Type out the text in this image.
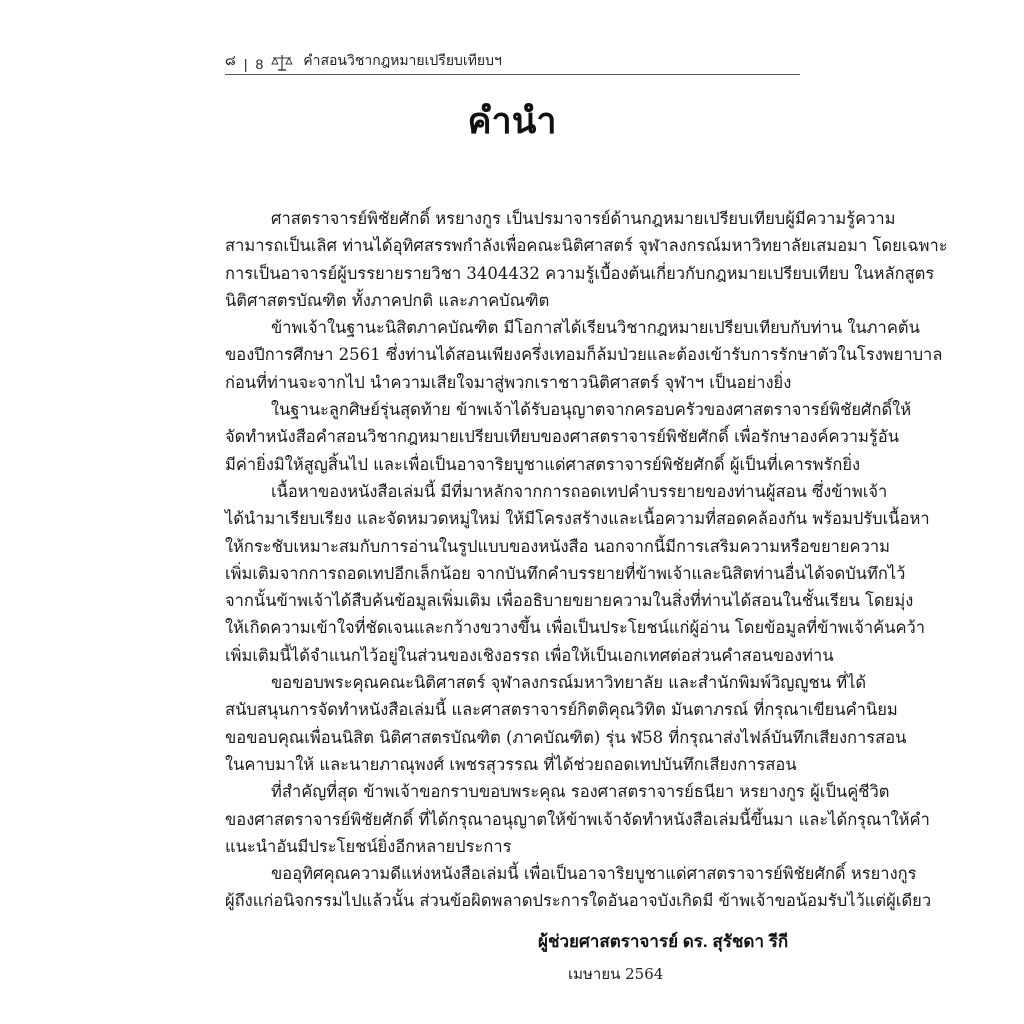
๘ | 8	คำสอนวิชากฎหมายเปรียบเทียบฯ
คำนำ
ศาสตราจารย์พิชัยศักดิ์ หรยางกูร เป็นปรมาจารย์ด้านกฎหมายเปรียบเทียบผู้มีความรู้ความ
สามารถเป็นเลิศ ท่านได้อุทิศสรรพกำลังเพื่อคณะนิติศาสตร์ จุฬาลงกรณ์มหาวิทยาลัยเสมอมา โดยเฉพาะ
การเป็นอาจารย์ผู้บรรยายรายวิชา 3404432 ความรู้เบื้องต้นเกี่ยวกับกฎหมายเปรียบเทียบ ในหลักสูตร
นิติศาสตรบัณฑิต ทั้งภาคปกติ และภาคบัณฑิต
ข้าพเจ้าในฐานะนิสิตภาคบัณฑิต มีโอกาสได้เรียนวิชากฎหมายเปรียบเทียบกับท่าน ในภาคต้น
ของปีการศึกษา 2561 ซึ่งท่านได้สอนเพียงครึ่งเทอมก็ล้มป่วยและต้องเข้ารับการรักษาตัวในโรงพยาบาล
ก่อนที่ท่านจะจากไป นำความเสียใจมาสู่พวกเราชาวนิติศาสตร์ จุฬาฯ เป็นอย่างยิ่ง
ในฐานะลูกศิษย์รุ่นสุดท้าย ข้าพเจ้าได้รับอนุญาตจากครอบครัวของศาสตราจารย์พิชัยศักดิ์ให้
จัดทำหนังสือคำสอนวิชากฎหมายเปรียบเทียบของศาสตราจารย์พิชัยศักดิ์ เพื่อรักษาองค์ความรู้อัน
มีค่ายิ่งมิให้สูญสิ้นไป และเพื่อเป็นอาจาริยบูชาแด่ศาสตราจารย์พิชัยศักดิ์ ผู้เป็นที่เคารพรักยิ่ง
เนื้อหาของหนังสือเล่มนี้ มีที่มาหลักจากการถอดเทปคำบรรยายของท่านผู้สอน ซึ่งข้าพเจ้า
ได้นำมาเรียบเรียง และจัดหมวดหมู่ใหม่ ให้มีโครงสร้างและเนื้อความที่สอดคล้องกัน พร้อมปรับเนื้อหา
ให้กระชับเหมาะสมกับการอ่านในรูปแบบของหนังสือ นอกจากนี้มีการเสริมความหรือขยายความ
เพิ่มเติมจากการถอดเทปอีกเล็กน้อย จากบันทึกคำบรรยายที่ข้าพเจ้าและนิสิตท่านอื่นได้จดบันทึกไว้
จากนั้นข้าพเจ้าได้สืบค้นข้อมูลเพิ่มเติม เพื่ออธิบายขยายความในสิ่งที่ท่านได้สอนในชั้นเรียน โดยมุ่ง
ให้เกิดความเข้าใจที่ชัดเจนและกว้างขวางขึ้น เพื่อเป็นประโยชน์แก่ผู้อ่าน โดยข้อมูลที่ข้าพเจ้าค้นคว้า
เพิ่มเติมนี้ได้จำแนกไว้อยู่ในส่วนของเชิงอรรถ เพื่อให้เป็นเอกเทศต่อส่วนคำสอนของท่าน
ขอขอบพระคุณคณะนิติศาสตร์ จุฬาลงกรณ์มหาวิทยาลัย และสำนักพิมพ์วิญญูชน ที่ได้
สนับสนุนการจัดทำหนังสือเล่มนี้ และศาสตราจารย์กิตติคุณวิทิต มันตาภรณ์ ที่กรุณาเขียนคำนิยม
ขอขอบคุณเพื่อนนิสิต นิติศาสตรบัณฑิต (ภาคบัณฑิต) รุ่น ฬ58 ที่กรุณาส่งไฟล์บันทึกเสียงการสอน
ในคาบมาให้ และนายภาณุพงศ์ เพชรสุวรรณ ที่ได้ช่วยถอดเทปบันทึกเสียงการสอน
ที่สำคัญที่สุด ข้าพเจ้าขอกราบขอบพระคุณ รองศาสตราจารย์ธนียา หรยางกูร ผู้เป็นคู่ชีวิต
ของศาสตราจารย์พิชัยศักดิ์ ที่ได้กรุณาอนุญาตให้ข้าพเจ้าจัดทำหนังสือเล่มนี้ขึ้นมา และได้กรุณาให้คำ
แนะนำอันมีประโยชน์ยิ่งอีกหลายประการ
ขออุทิศคุณความดีแห่งหนังสือเล่มนี้ เพื่อเป็นอาจาริยบูชาแด่ศาสตราจารย์พิชัยศักดิ์ หรยางกูร
ผู้ถึงแก่อนิจกรรมไปแล้วนั้น ส่วนข้อผิดพลาดประการใดอันอาจบังเกิดมี ข้าพเจ้าขอน้อมรับไว้แต่ผู้เดียว
ผู้ช่วยศาสตราจารย์ ดร. สุรัชดา รีกี
เมษายน 2564
